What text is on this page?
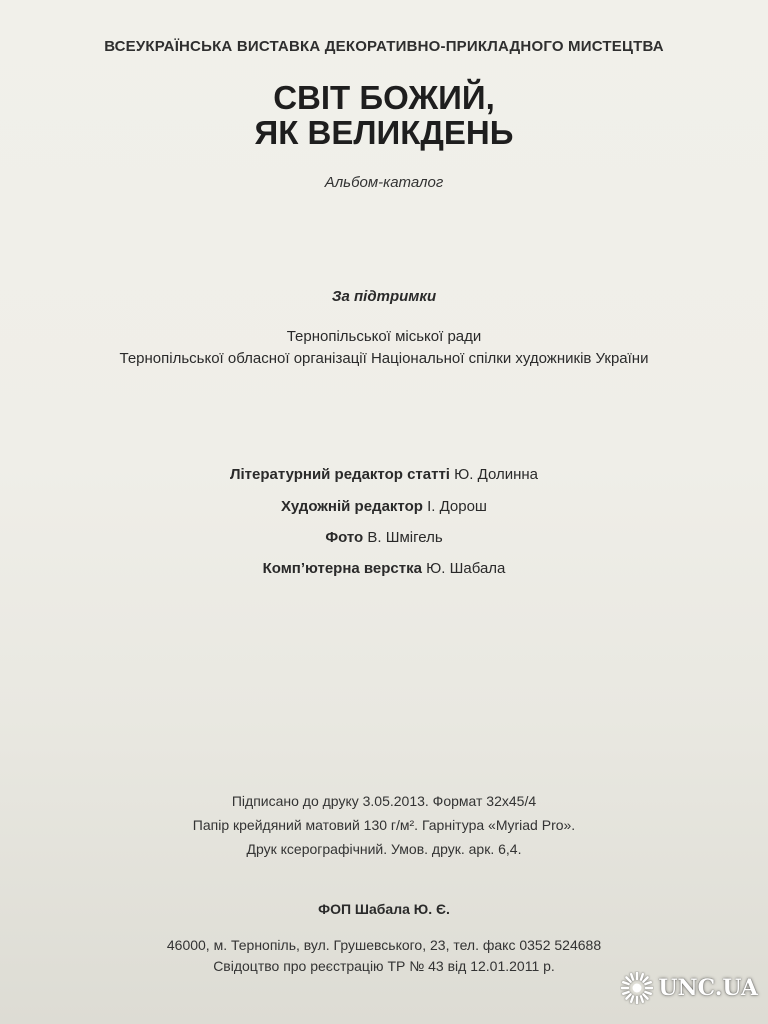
ВСЕУКРАЇНСЬКА ВИСТАВКА ДЕКОРАТИВНО-ПРИКЛАДНОГО МИСТЕЦТВА
СВІТ БОЖИЙ,
ЯК ВЕЛИКДЕНЬ
Альбом-каталог
За підтримки
Тернопільської міської ради
Тернопільської обласної організації Національної спілки художників України
Літературний редактор статті Ю. Долинна
Художній редактор І. Дорош
Фото В. Шмігель
Комп’ютерна верстка Ю. Шабала
Підписано до друку 3.05.2013. Формат 32х45/4
Папір крейдяний матовий 130 г/м². Гарнітура «Myriad Pro».
Друк ксерографічний. Умов. друк. арк. 6,4.
ФОП Шабала Ю. Є.
46000, м. Тернопіль, вул. Грушевського, 23, тел. факс 0352 524688
Свідоцтво про реєстрацію ТР № 43 від 12.01.2011 р.
UNC.UA
